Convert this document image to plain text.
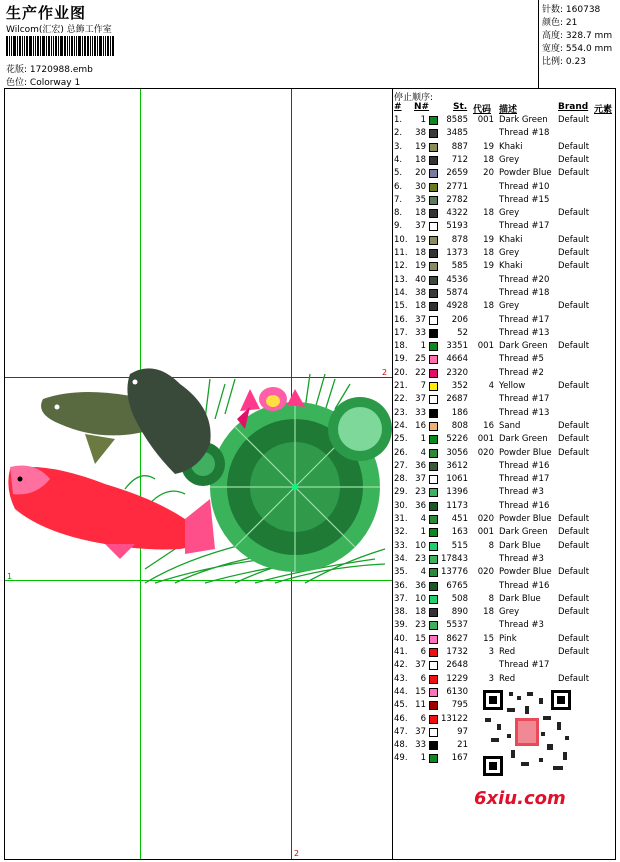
生产作业图
Wilcom(汇宏) 总飾工作室
花版: 1720988.emb
色位: Colorway 1
针数: 160738
颜色: 21
高度: 328.7 mm
宽度: 554.0 mm
比例: 0.23
2
2
1
停止顺序:
# N#	St. 代码 描述	Brand 元素
1.	1	8585	001 Dark Green Default
2.	38	3485	Thread #18
3.	19	887	19 Khaki	Default
4.	18	712	18 Grey	Default
5.	20	2659	20 Powder Blue Default
6.	30	2771	Thread #10
7.	35	2782	Thread #15
8.	18	4322	18 Grey	Default
9.	37	5193	Thread #17
10. 19	878	19 Khaki	Default
11. 18	1373	18 Grey	Default
12. 19	585	19 Khaki	Default
13. 40	4536	Thread #20
14. 38	5874	Thread #18
15. 18	4928	18 Grey	Default
16. 37	206	Thread #17
17. 33	52	Thread #13
18.	1	3351	001 Dark Green Default
19. 25	4664	Thread #5
20. 22	2320	Thread #2
21.	7	352	4 Yellow	Default
22. 37	2687	Thread #17
23. 33	186	Thread #13
24. 16	808	16 Sand	Default
25.	1	5226	001 Dark Green Default
26.	4	3056	020 Powder Blue Default
27. 36	3612	Thread #16
28. 37	1061	Thread #17
29. 23	1396	Thread #3
30. 36	1173	Thread #16
31.	4	451	020 Powder Blue Default
32.	1	163	001 Dark Green Default
33. 10	515	8 Dark Blue Default
34. 23	17843	Thread #3
35.	4	13776	020 Powder Blue Default
36. 36	6765	Thread #16
37. 10	508	8 Dark Blue Default
38. 18	890	18 Grey	Default
39. 23	5537	Thread #3
40. 15	8627	15 Pink	Default
41.	6	1732	3 Red	Default
42. 37	2648	Thread #17
43.	6	1229	3 Red	Default
44. 15	6130
45. 11	795
46.	6	13122
47. 37	97
48. 33	21
49.	1	167
6xiu.com
